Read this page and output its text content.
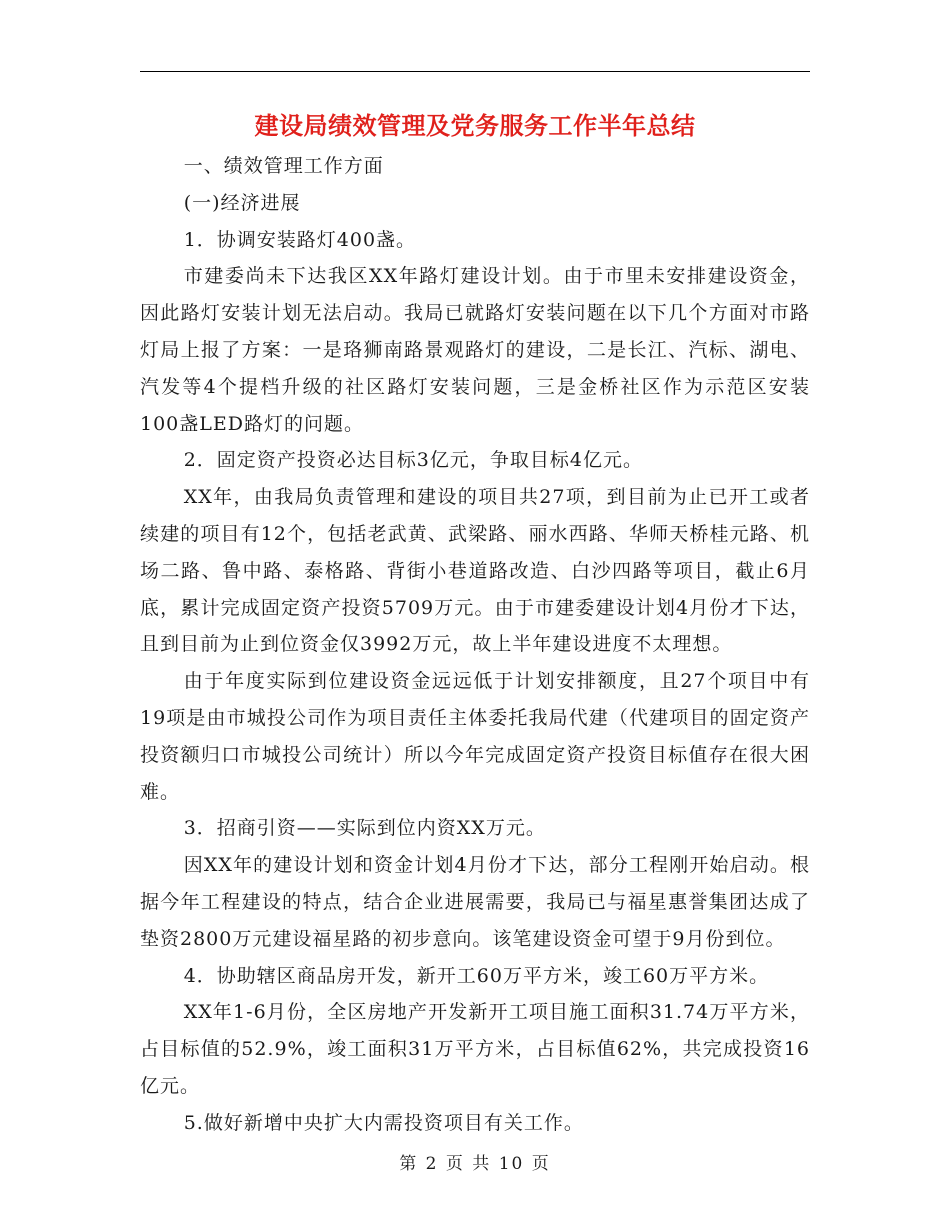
建设局绩效管理及党务服务工作半年总结

一、绩效管理工作方面

(一)经济进展

1．协调安装路灯400盏。

市建委尚未下达我区XX年路灯建设计划。由于市里未安排建设资金，因此路灯安装计划无法启动。我局已就路灯安装问题在以下几个方面对市路灯局上报了方案：一是珞狮南路景观路灯的建设，二是长江、汽标、湖电、汽发等4个提档升级的社区路灯安装问题，三是金桥社区作为示范区安装100盏LED路灯的问题。

2．固定资产投资必达目标3亿元，争取目标4亿元。

XX年，由我局负责管理和建设的项目共27项，到目前为止已开工或者续建的项目有12个，包括老武黄、武梁路、丽水西路、华师天桥桂元路、机场二路、鲁中路、泰格路、背街小巷道路改造、白沙四路等项目，截止6月底，累计完成固定资产投资5709万元。由于市建委建设计划4月份才下达，且到目前为止到位资金仅3992万元，故上半年建设进度不太理想。

由于年度实际到位建设资金远远低于计划安排额度，且27个项目中有19项是由市城投公司作为项目责任主体委托我局代建（代建项目的固定资产投资额归口市城投公司统计）所以今年完成固定资产投资目标值存在很大困难。

3．招商引资——实际到位内资XX万元。

因XX年的建设计划和资金计划4月份才下达，部分工程刚开始启动。根据今年工程建设的特点，结合企业进展需要，我局已与福星惠誉集团达成了垫资2800万元建设福星路的初步意向。该笔建设资金可望于9月份到位。

4．协助辖区商品房开发，新开工60万平方米，竣工60万平方米。

XX年1-6月份，全区房地产开发新开工项目施工面积31.74万平方米，占目标值的52.9%，竣工面积31万平方米，占目标值62%，共完成投资16亿元。

5.做好新增中央扩大内需投资项目有关工作。

第 2 页 共 10 页
